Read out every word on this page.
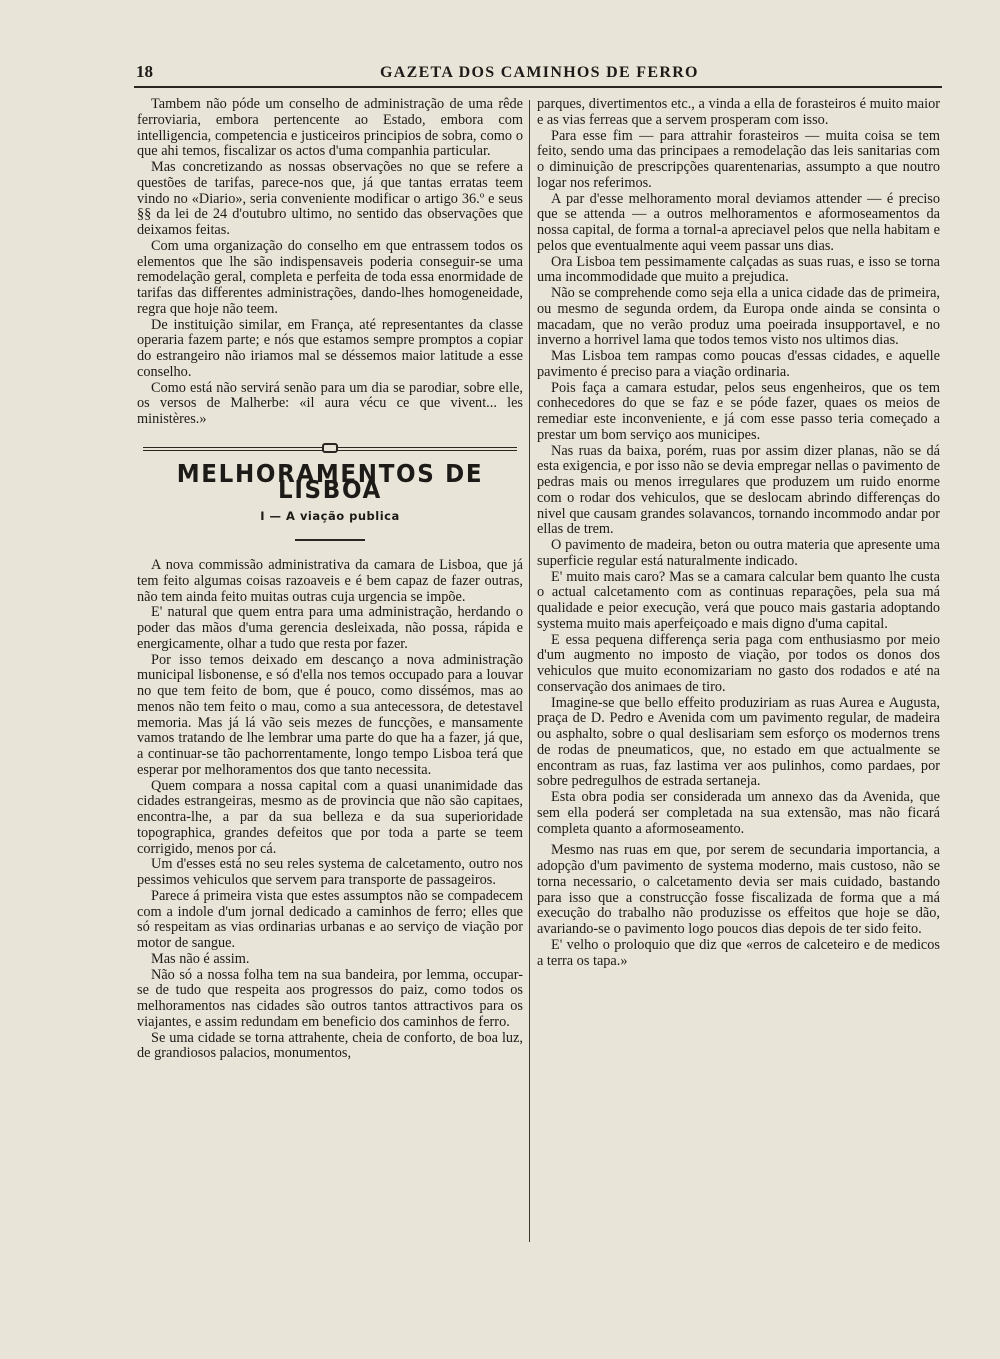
18	GAZETA DOS CAMINHOS DE FERRO

Tambem não póde um conselho de administração de uma rêde ferroviaria, embora pertencente ao Estado, embora com intelligencia, competencia e justiceiros principios de sobra, como o que ahi temos, fiscalizar os actos d'uma companhia particular.

Mas concretizando as nossas observações no que se refere a questões de tarifas, parece-nos que, já que tantas erratas teem vindo no «Diario», seria conveniente modificar o artigo 36.º e seus §§ da lei de 24 d'outubro ultimo, no sentido das observações que deixamos feitas.

Com uma organização do conselho em que entrassem todos os elementos que lhe são indispensaveis poderia conseguir-se uma remodelação geral, completa e perfeita de toda essa enormidade de tarifas das differentes administrações, dando-lhes homogeneidade, regra que hoje não teem.

De instituição similar, em França, até representantes da classe operaria fazem parte; e nós que estamos sempre promptos a copiar do estrangeiro não iriamos mal se déssemos maior latitude a esse conselho.

Como está não servirá senão para um dia se parodiar, sobre elle, os versos de Malherbe: «il aura vécu ce que vivent... les ministères.»

MELHORAMENTOS DE LISBOA
I — A viação publica

A nova commissão administrativa da camara de Lisboa, que já tem feito algumas coisas razoaveis e é bem capaz de fazer outras, não tem ainda feito muitas outras cuja urgencia se impõe.

E' natural que quem entra para uma administração, herdando o poder das mãos d'uma gerencia desleixada, não possa, rápida e energicamente, olhar a tudo que resta por fazer.

Por isso temos deixado em descanço a nova administração municipal lisbonense, e só d'ella nos temos occupado para a louvar no que tem feito de bom, que é pouco, como dissémos, mas ao menos não tem feito o mau, como a sua antecessora, de detestavel memoria. Mas já lá vão seis mezes de funcções, e mansamente vamos tratando de lhe lembrar uma parte do que ha a fazer, já que, a continuar-se tão pachorrentamente, longo tempo Lisboa terá que esperar por melhoramentos dos que tanto necessita.

Quem compara a nossa capital com a quasi unanimidade das cidades estrangeiras, mesmo as de provincia que não são capitaes, encontra-lhe, a par da sua belleza e da sua superioridade topographica, grandes defeitos que por toda a parte se teem corrigido, menos por cá.

Um d'esses está no seu reles systema de calcetamento, outro nos pessimos vehiculos que servem para transporte de passageiros.

Parece á primeira vista que estes assumptos não se compadecem com a indole d'um jornal dedicado a caminhos de ferro; elles que só respeitam as vias ordinarias urbanas e ao serviço de viação por motor de sangue.

Mas não é assim.

Não só a nossa folha tem na sua bandeira, por lemma, occupar-se de tudo que respeita aos progressos do paiz, como todos os melhoramentos nas cidades são outros tantos attractivos para os viajantes, e assim redundam em beneficio dos caminhos de ferro.

Se uma cidade se torna attrahente, cheia de conforto, de boa luz, de grandiosos palacios, monumentos,

parques, divertimentos etc., a vinda a ella de forasteiros é muito maior e as vias ferreas que a servem prosperam com isso.

Para esse fim — para attrahir forasteiros — muita coisa se tem feito, sendo uma das principaes a remodelação das leis sanitarias com o diminuição de prescripções quarentenarias, assumpto a que noutro logar nos referimos.

A par d'esse melhoramento moral deviamos attender — é preciso que se attenda — a outros melhoramentos e aformoseamentos da nossa capital, de forma a tornal-a apreciavel pelos que nella habitam e pelos que eventualmente aqui veem passar uns dias.

Ora Lisboa tem pessimamente calçadas as suas ruas, e isso se torna uma incommodidade que muito a prejudica.

Não se comprehende como seja ella a unica cidade das de primeira, ou mesmo de segunda ordem, da Europa onde ainda se consinta o macadam, que no verão produz uma poeirada insupportavel, e no inverno a horrivel lama que todos temos visto nos ultimos dias.

Mas Lisboa tem rampas como poucas d'essas cidades, e aquelle pavimento é preciso para a viação ordinaria.

Pois faça a camara estudar, pelos seus engenheiros, que os tem conhecedores do que se faz e se póde fazer, quaes os meios de remediar este inconveniente, e já com esse passo teria começado a prestar um bom serviço aos municipes.

Nas ruas da baixa, porém, ruas por assim dizer planas, não se dá esta exigencia, e por isso não se devia empregar nellas o pavimento de pedras mais ou menos irregulares que produzem um ruido enorme com o rodar dos vehiculos, que se deslocam abrindo differenças do nivel que causam grandes solavancos, tornando incommodo andar por ellas de trem.

O pavimento de madeira, beton ou outra materia que apresente uma superficie regular está naturalmente indicado.

E' muito mais caro? Mas se a camara calcular bem quanto lhe custa o actual calcetamento com as continuas reparações, pela sua má qualidade e peior execução, verá que pouco mais gastaria adoptando systema muito mais aperfeiçoado e mais digno d'uma capital.

E essa pequena differença seria paga com enthusiasmo por meio d'um augmento no imposto de viação, por todos os donos dos vehiculos que muito economizariam no gasto dos rodados e até na conservação dos animaes de tiro.

Imagine-se que bello effeito produziriam as ruas Aurea e Augusta, praça de D. Pedro e Avenida com um pavimento regular, de madeira ou asphalto, sobre o qual deslisariam sem esforço os modernos trens de rodas de pneumaticos, que, no estado em que actualmente se encontram as ruas, faz lastima ver aos pulinhos, como pardaes, por sobre pedregulhos de estrada sertaneja.

Esta obra podia ser considerada um annexo das da Avenida, que sem ella poderá ser completada na sua extensão, mas não ficará completa quanto a aformoseamento.

Mesmo nas ruas em que, por serem de secundaria importancia, a adopção d'um pavimento de systema moderno, mais custoso, não se torna necessario, o calcetamento devia ser mais cuidado, bastando para isso que a construcção fosse fiscalizada de forma que a má execução do trabalho não produzisse os effeitos que hoje se dão, avariando-se o pavimento logo poucos dias depois de ter sido feito.

E' velho o proloquio que diz que «erros de calceteiro e de medicos a terra os tapa.»
